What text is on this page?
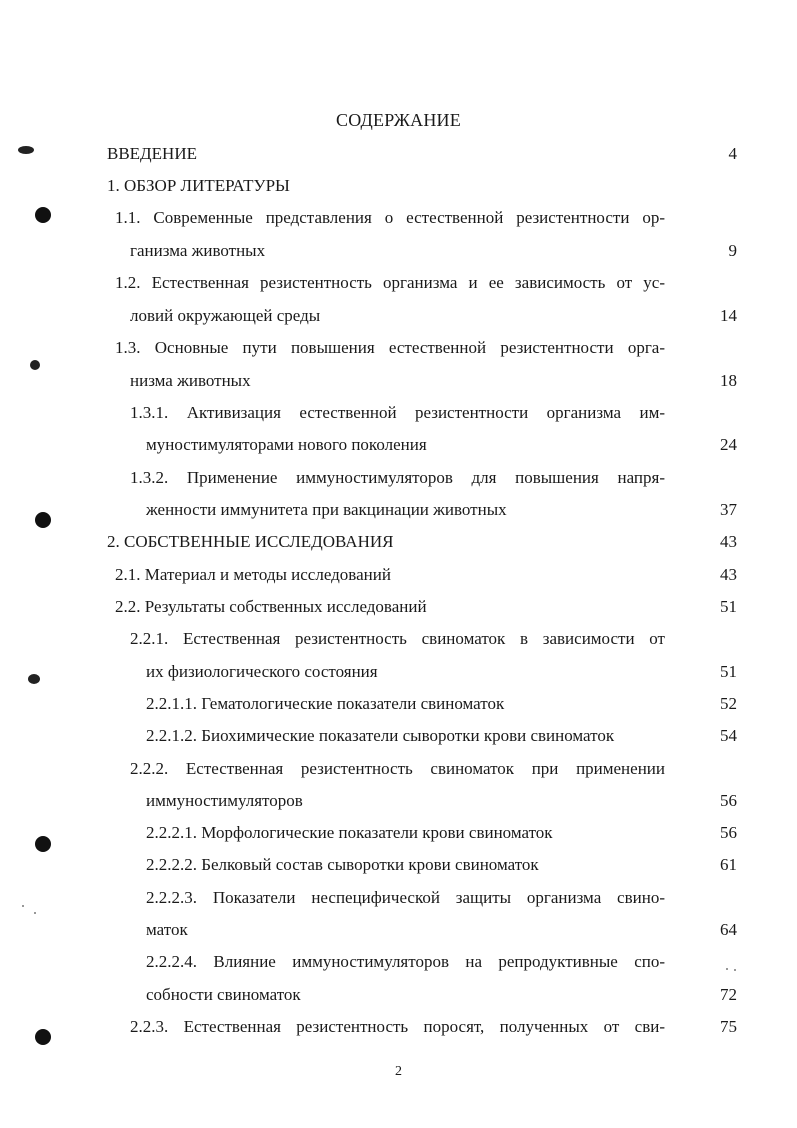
СОДЕРЖАНИЕ
ВВЕДЕНИЕ	4
1. ОБЗОР ЛИТЕРАТУРЫ
1.1. Современные представления о естественной резистентности ор-
ганизма животных	9
1.2. Естественная резистентность организма и ее зависимость от ус-
ловий окружающей среды	14
1.3. Основные пути повышения естественной резистентности орга-
низма животных	18
1.3.1. Активизация естественной резистентности организма им-
муностимуляторами нового поколения	24
1.3.2. Применение иммуностимуляторов для повышения напря-
женности иммунитета при вакцинации животных	37
2. СОБСТВЕННЫЕ ИССЛЕДОВАНИЯ	43
2.1. Материал и методы исследований	43
2.2. Результаты собственных исследований	51
2.2.1. Естественная резистентность свиноматок в зависимости от
их физиологического состояния	51
2.2.1.1. Гематологические показатели свиноматок	52
2.2.1.2. Биохимические показатели сыворотки крови свиноматок	54
2.2.2. Естественная резистентность свиноматок при применении
иммуностимуляторов	56
2.2.2.1. Морфологические показатели крови свиноматок	56
2.2.2.2. Белковый состав сыворотки крови свиноматок	61
2.2.2.3. Показатели неспецифической защиты организма свино-
маток	64
2.2.2.4. Влияние иммуностимуляторов на репродуктивные спо-
собности свиноматок	72
2.2.3. Естественная резистентность поросят, полученных от сви-	75
2
